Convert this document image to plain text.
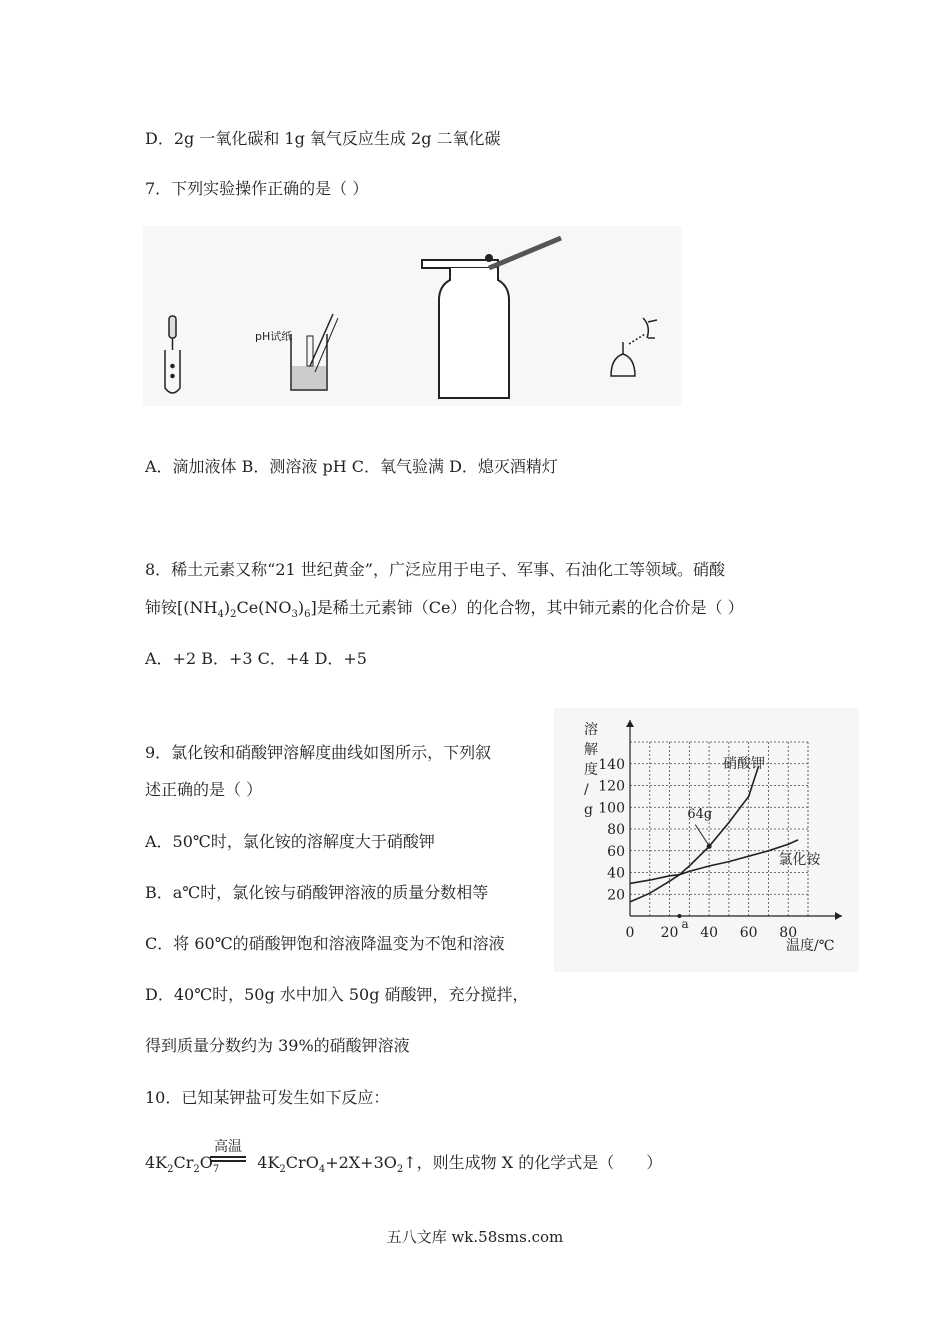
D．2g 一氧化碳和 1g 氧气反应生成 2g 二氧化碳
7．下列实验操作正确的是（ ）
pH试纸
A．滴加液体 B．测溶液 pH C．氧气验满 D．熄灭酒精灯
8．稀土元素又称“21 世纪黄金”，广泛应用于电子、军事、石油化工等领域。硝酸
铈铵$[(NH_4)_2Ce(NO_3)_6]$是稀土元素铈（Ce）的化合物，其中铈元素的化合价是（ ）
A．+2 B．+3 C．+4 D．+5
9．氯化铵和硝酸钾溶解度曲线如图所示，下列叙
述正确的是（ ）
A．50℃时，氯化铵的溶解度大于硝酸钾
B．a℃时，氯化铵与硝酸钾溶液的质量分数相等
C．将 60℃的硝酸钾饱和溶液降温变为不饱和溶液
D．40℃时，50g 水中加入 50g 硝酸钾，充分搅拌，
得到质量分数约为 39%的硝酸钾溶液
0 20 40 60 80
20
40
60
80
100
120
140	硝酸钾
氯化铵
64g
a
溶解度/ g
温度/℃
10．已知某钾盐可发生如下反应：
高温
$4K_2Cr_2O_7$ $4K_2CrO_4+2X+3O_2↑$，则生成物 X 的化学式是（　　）
五八文库 wk.58sms.com
